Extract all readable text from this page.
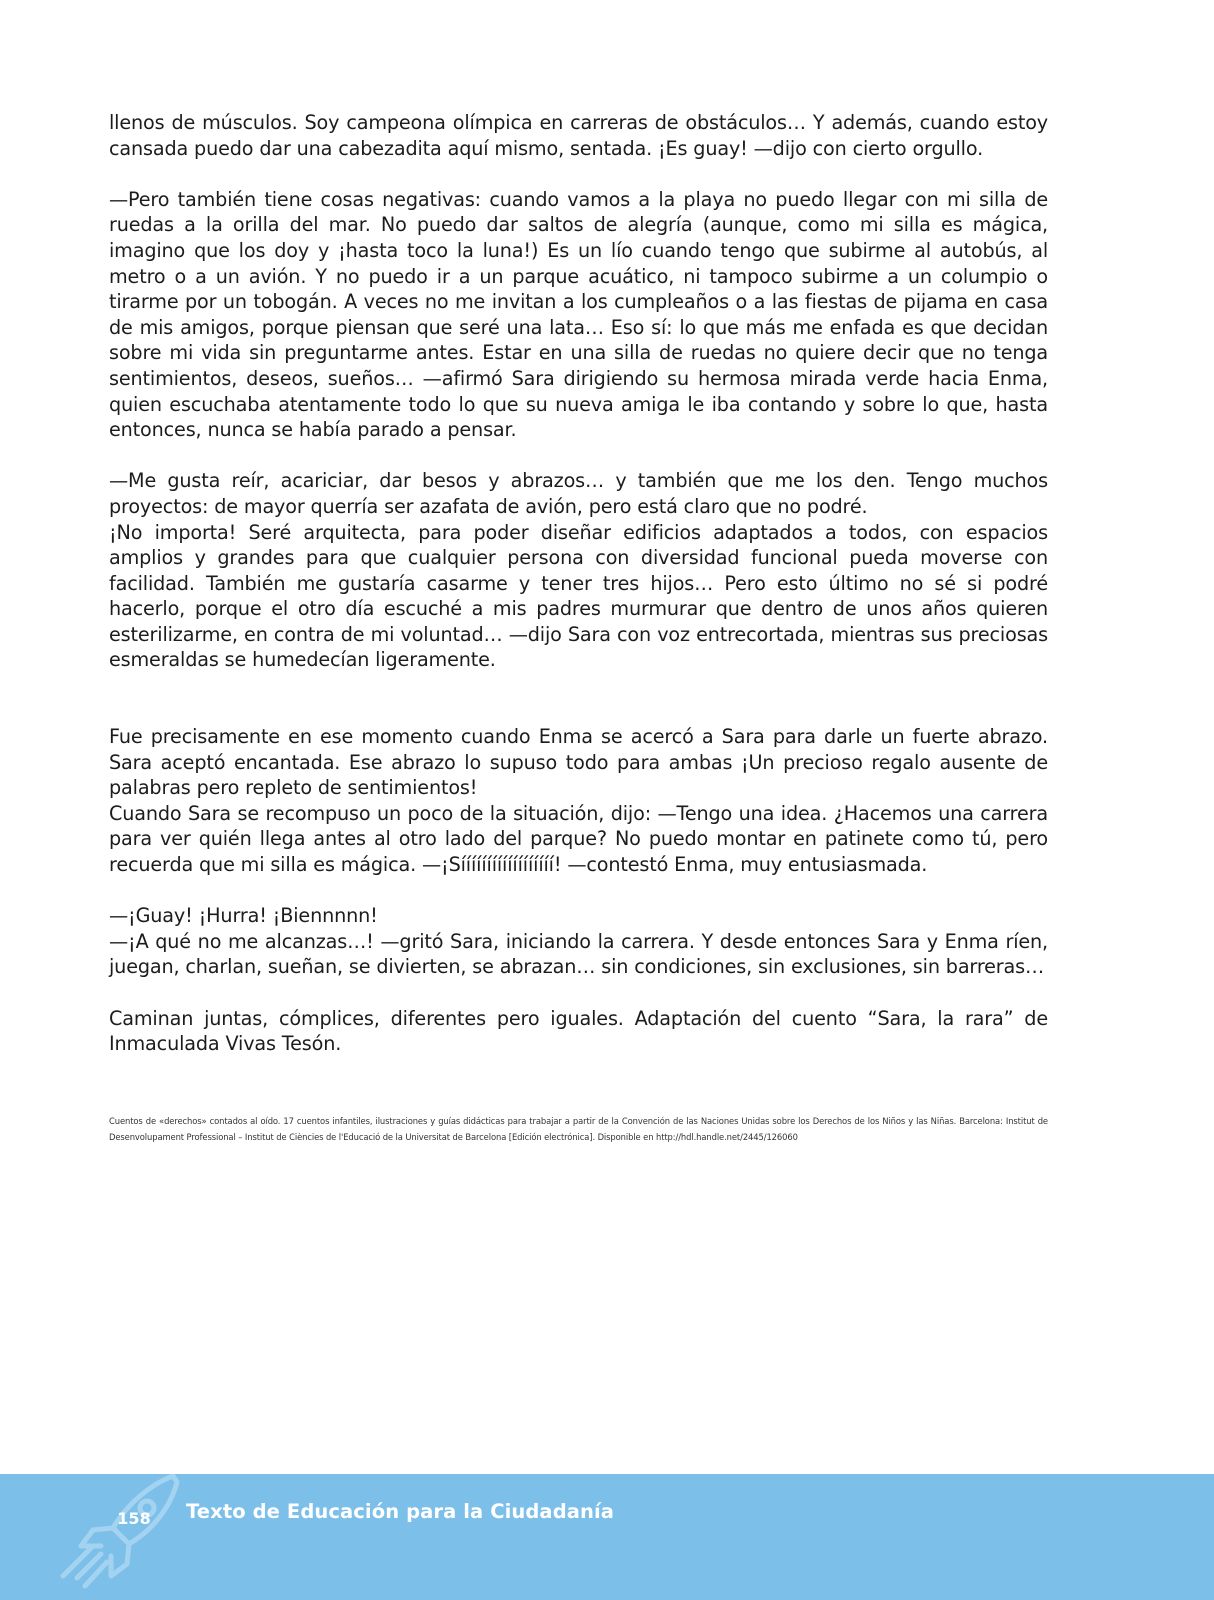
llenos de músculos. Soy campeona olímpica en carreras de obstáculos… Y además, cuando estoy cansada puedo dar una cabezadita aquí mismo, sentada. ¡Es guay! —dijo con cierto orgullo.

—Pero también tiene cosas negativas: cuando vamos a la playa no puedo llegar con mi silla de ruedas a la orilla del mar. No puedo dar saltos de alegría (aunque, como mi silla es mágica, imagino que los doy y ¡hasta toco la luna!) Es un lío cuando tengo que subirme al autobús, al metro o a un avión. Y no puedo ir a un parque acuático, ni tampoco subirme a un columpio o tirarme por un tobogán. A veces no me invitan a los cumpleaños o a las fiestas de pijama en casa de mis amigos, porque piensan que seré una lata… Eso sí: lo que más me enfada es que decidan sobre mi vida sin preguntarme antes. Estar en una silla de ruedas no quiere decir que no tenga sentimientos, deseos, sueños… —afirmó Sara dirigiendo su hermosa mirada verde hacia Enma, quien escuchaba atentamente todo lo que su nueva amiga le iba contando y sobre lo que, hasta entonces, nunca se había parado a pensar.

—Me gusta reír, acariciar, dar besos y abrazos… y también que me los den. Tengo muchos proyectos: de mayor querría ser azafata de avión, pero está claro que no podré.

¡No importa! Seré arquitecta, para poder diseñar edificios adaptados a todos, con espacios amplios y grandes para que cualquier persona con diversidad funcional pueda moverse con facilidad. También me gustaría casarme y tener tres hijos… Pero esto último no sé si podré hacerlo, porque el otro día escuché a mis padres murmurar que dentro de unos años quieren esterilizarme, en contra de mi voluntad… —dijo Sara con voz entrecortada, mientras sus preciosas esmeraldas se humedecían ligeramente.

Fue precisamente en ese momento cuando Enma se acercó a Sara para darle un fuerte abrazo. Sara aceptó encantada. Ese abrazo lo supuso todo para ambas ¡Un precioso regalo ausente de palabras pero repleto de sentimientos!

Cuando Sara se recompuso un poco de la situación, dijo: —Tengo una idea. ¿Hacemos una carrera para ver quién llega antes al otro lado del parque? No puedo montar en patinete como tú, pero recuerda que mi silla es mágica. —¡Síííííííííííííííííí! —contestó Enma, muy entusiasmada.

—¡Guay! ¡Hurra! ¡Biennnnn!

—¡A qué no me alcanzas…! —gritó Sara, iniciando la carrera. Y desde entonces Sara y Enma ríen, juegan, charlan, sueñan, se divierten, se abrazan… sin condiciones, sin exclusiones, sin barreras…

Caminan juntas, cómplices, diferentes pero iguales. Adaptación del cuento “Sara, la rara” de Inmaculada Vivas Tesón.

Cuentos de «derechos» contados al oído. 17 cuentos infantiles, ilustraciones y guías didácticas para trabajar a partir de la Convención de las Naciones Unidas sobre los Derechos de los Niños y las Niñas. Barcelona: Institut de Desenvolupament Professional – Institut de Ciències de l'Educació de la Universitat de Barcelona [Edición electrónica]. Disponible en http://hdl.handle.net/2445/126060
158 Texto de Educación para la Ciudadanía
